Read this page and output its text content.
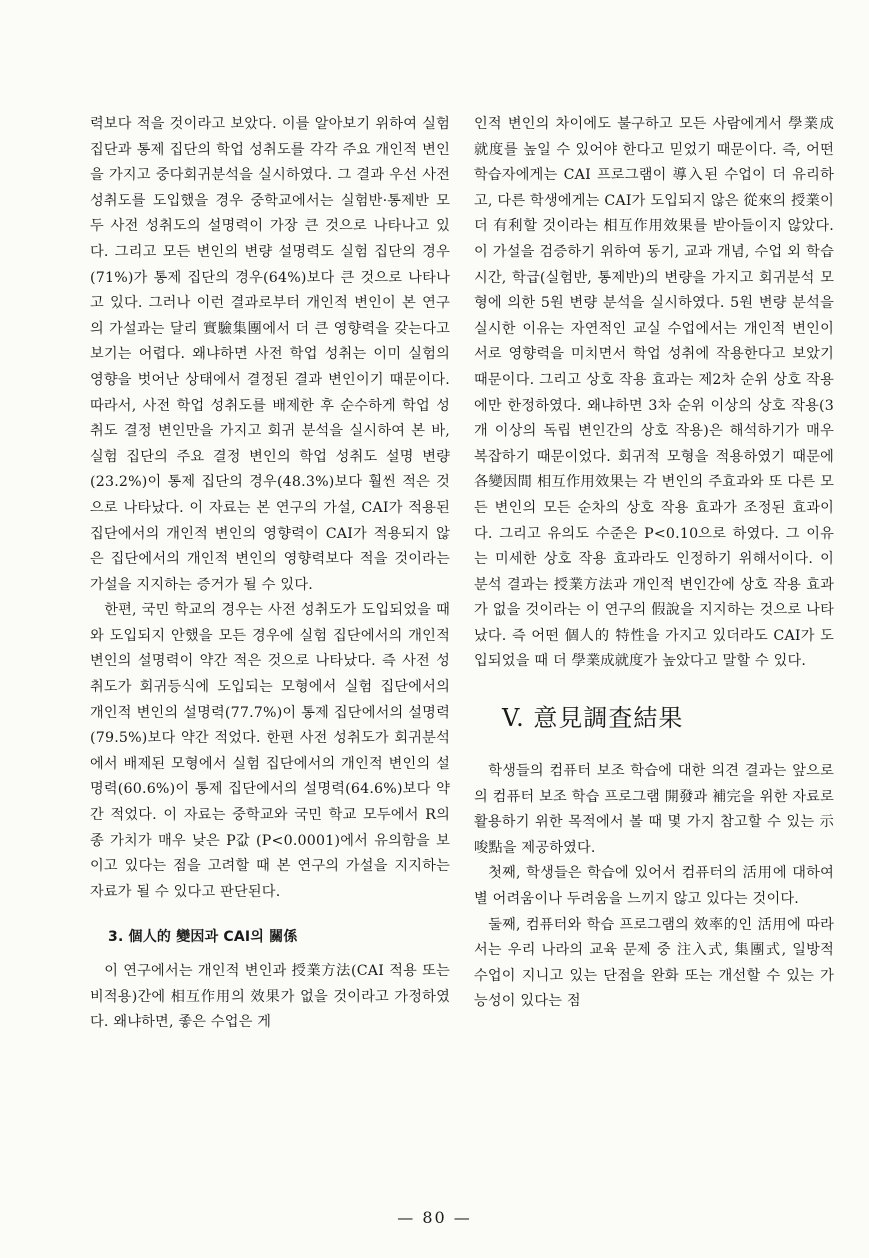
력보다 적을 것이라고 보았다. 이를 알아보기 위하여 실험 집단과 통제 집단의 학업 성취도를 각각 주요 개인적 변인을 가지고 중다회귀분석을 실시하였다. 그 결과 우선 사전 성취도를 도입했을 경우 중학교에서는 실험반·통제반 모두 사전 성취도의 설명력이 가장 큰 것으로 나타나고 있다. 그리고 모든 변인의 변량 설명력도 실험 집단의 경우(71%)가 통제 집단의 경우(64%)보다 큰 것으로 나타나고 있다. 그러나 이런 결과로부터 개인적 변인이 본 연구의 가설과는 달리 實驗集團에서 더 큰 영향력을 갖는다고 보기는 어렵다. 왜냐하면 사전 학업 성취는 이미 실험의 영향을 벗어난 상태에서 결정된 결과 변인이기 때문이다. 따라서, 사전 학업 성취도를 배제한 후 순수하게 학업 성취도 결정 변인만을 가지고 회귀 분석을 실시하여 본 바, 실험 집단의 주요 결정 변인의 학업 성취도 설명 변량(23.2%)이 통제 집단의 경우(48.3%)보다 훨씬 적은 것으로 나타났다. 이 자료는 본 연구의 가설, CAI가 적용된 집단에서의 개인적 변인의 영향력이 CAI가 적용되지 않은 집단에서의 개인적 변인의 영향력보다 적을 것이라는 가설을 지지하는 증거가 될 수 있다.

한편, 국민 학교의 경우는 사전 성취도가 도입되었을 때와 도입되지 안했을 모든 경우에 실험 집단에서의 개인적 변인의 설명력이 약간 적은 것으로 나타났다. 즉 사전 성취도가 회귀등식에 도입되는 모형에서 실험 집단에서의 개인적 변인의 설명력(77.7%)이 통제 집단에서의 설명력(79.5%)보다 약간 적었다. 한편 사전 성취도가 회귀분석에서 배제된 모형에서 실험 집단에서의 개인적 변인의 설명력(60.6%)이 통제 집단에서의 설명력(64.6%)보다 약간 적었다. 이 자료는 중학교와 국민 학교 모두에서 R의 종 가치가 매우 낮은 P값 (P<0.0001)에서 유의함을 보이고 있다는 점을 고려할 때 본 연구의 가설을 지지하는 자료가 될 수 있다고 판단된다.

3. 個人的 變因과 CAI의 關係

이 연구에서는 개인적 변인과 授業方法(CAI 적용 또는 비적용)간에 相互作用의 效果가 없을 것이라고 가정하였다. 왜냐하면, 좋은 수업은 게

인적 변인의 차이에도 불구하고 모든 사람에게서 學業成就度를 높일 수 있어야 한다고 믿었기 때문이다. 즉, 어떤 학습자에게는 CAI 프로그램이 導入된 수업이 더 유리하고, 다른 학생에게는 CAI가 도입되지 않은 從來의 授業이 더 有利할 것이라는 相互作用效果를 받아들이지 않았다. 이 가설을 검증하기 위하여 동기, 교과 개념, 수업 외 학습 시간, 학급(실험반, 통제반)의 변량을 가지고 회귀분석 모형에 의한 5원 변량 분석을 실시하였다. 5원 변량 분석을 실시한 이유는 자연적인 교실 수업에서는 개인적 변인이 서로 영향력을 미치면서 학업 성취에 작용한다고 보았기 때문이다. 그리고 상호 작용 효과는 제2차 순위 상호 작용에만 한정하였다. 왜냐하면 3차 순위 이상의 상호 작용(3개 이상의 독립 변인간의 상호 작용)은 해석하기가 매우 복잡하기 때문이었다. 회귀적 모형을 적용하였기 때문에 各變因間 相互作用效果는 각 변인의 주효과와 또 다른 모든 변인의 모든 순차의 상호 작용 효과가 조정된 효과이다. 그리고 유의도 수준은 P<0.10으로 하였다. 그 이유는 미세한 상호 작용 효과라도 인정하기 위해서이다. 이 분석 결과는 授業方法과 개인적 변인간에 상호 작용 효과가 없을 것이라는 이 연구의 假說을 지지하는 것으로 나타났다. 즉 어떤 個人的 特性을 가지고 있더라도 CAI가 도입되었을 때 더 學業成就度가 높았다고 말할 수 있다.

V. 意見調査結果

학생들의 컴퓨터 보조 학습에 대한 의견 결과는 앞으로의 컴퓨터 보조 학습 프로그램 開發과 補完을 위한 자료로 활용하기 위한 목적에서 볼 때 몇 가지 참고할 수 있는 示唆點을 제공하였다.

첫째, 학생들은 학습에 있어서 컴퓨터의 活用에 대하여 별 어려움이나 두려움을 느끼지 않고 있다는 것이다.

둘째, 컴퓨터와 학습 프로그램의 效率的인 活用에 따라서는 우리 나라의 교육 문제 중 注入式, 集團式, 일방적 수업이 지니고 있는 단점을 완화 또는 개선할 수 있는 가능성이 있다는 점

— 80 —
